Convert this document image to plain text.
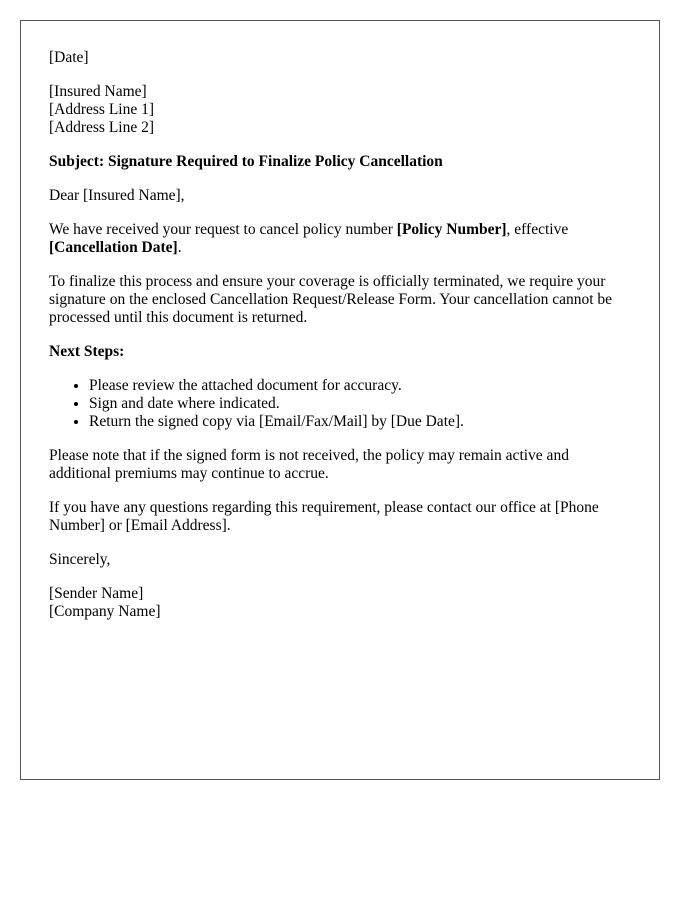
[Date]

[Insured Name]
[Address Line 1]
[Address Line 2]

Subject: Signature Required to Finalize Policy Cancellation

Dear [Insured Name],

We have received your request to cancel policy number [Policy Number], effective [Cancellation Date].

To finalize this process and ensure your coverage is officially terminated, we require your signature on the enclosed Cancellation Request/Release Form. Your cancellation cannot be processed until this document is returned.

Next Steps:

• Please review the attached document for accuracy.
• Sign and date where indicated.
• Return the signed copy via [Email/Fax/Mail] by [Due Date].

Please note that if the signed form is not received, the policy may remain active and additional premiums may continue to accrue.

If you have any questions regarding this requirement, please contact our office at [Phone Number] or [Email Address].

Sincerely,

[Sender Name]
[Company Name]
